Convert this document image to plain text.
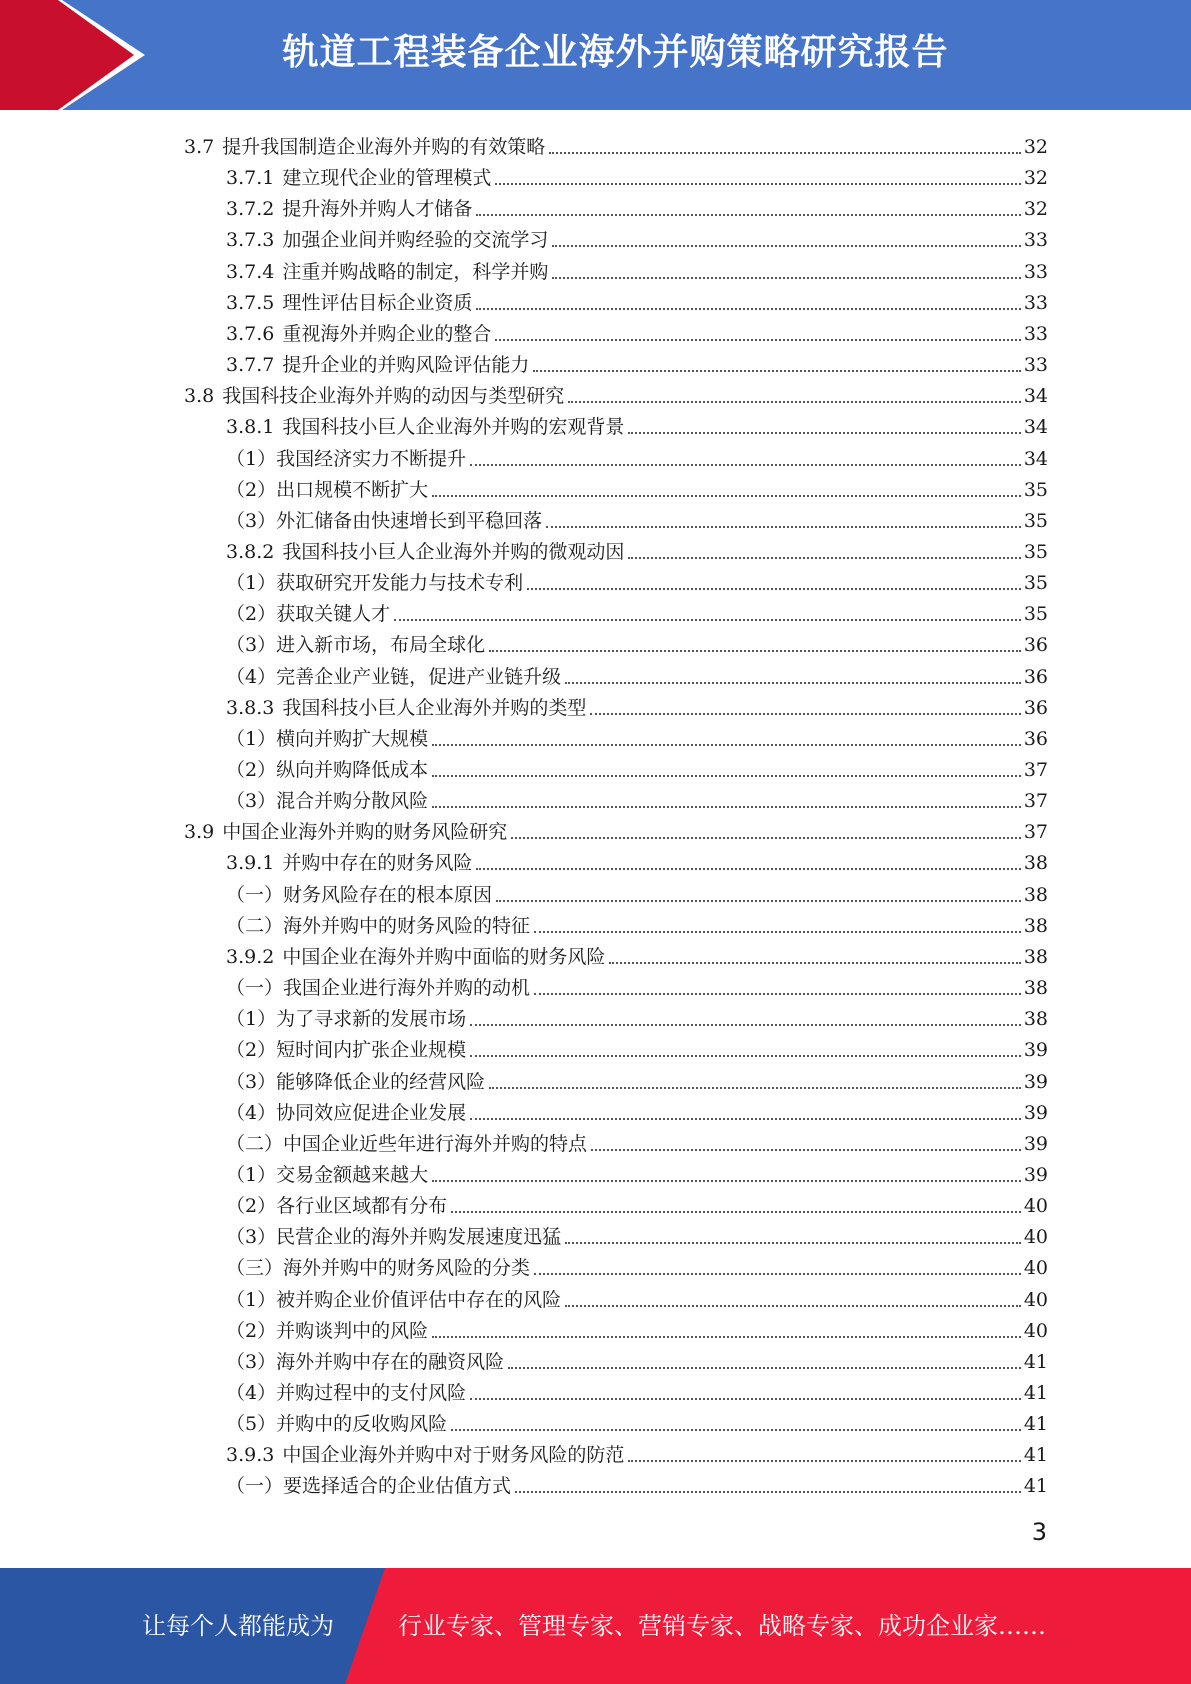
轨道工程装备企业海外并购策略研究报告
3.7 提升我国制造企业海外并购的有效策略	32
3.7.1 建立现代企业的管理模式	32
3.7.2 提升海外并购人才储备	32
3.7.3 加强企业间并购经验的交流学习	33
3.7.4 注重并购战略的制定，科学并购	33
3.7.5 理性评估目标企业资质	33
3.7.6 重视海外并购企业的整合	33
3.7.7 提升企业的并购风险评估能力	33
3.8 我国科技企业海外并购的动因与类型研究	34
3.8.1 我国科技小巨人企业海外并购的宏观背景	34
（1）我国经济实力不断提升	34
（2）出口规模不断扩大	35
（3）外汇储备由快速增长到平稳回落	35
3.8.2 我国科技小巨人企业海外并购的微观动因	35
（1）获取研究开发能力与技术专利	35
（2）获取关键人才	35
（3）进入新市场，布局全球化	36
（4）完善企业产业链，促进产业链升级	36
3.8.3 我国科技小巨人企业海外并购的类型	36
（1）横向并购扩大规模	36
（2）纵向并购降低成本	37
（3）混合并购分散风险	37
3.9 中国企业海外并购的财务风险研究	37
3.9.1 并购中存在的财务风险	38
（一）财务风险存在的根本原因	38
（二）海外并购中的财务风险的特征	38
3.9.2 中国企业在海外并购中面临的财务风险	38
（一）我国企业进行海外并购的动机	38
（1）为了寻求新的发展市场	38
（2）短时间内扩张企业规模	39
（3）能够降低企业的经营风险	39
（4）协同效应促进企业发展	39
（二）中国企业近些年进行海外并购的特点	39
（1）交易金额越来越大	39
（2）各行业区域都有分布	40
（3）民营企业的海外并购发展速度迅猛	40
（三）海外并购中的财务风险的分类	40
（1）被并购企业价值评估中存在的风险	40
（2）并购谈判中的风险	40
（3）海外并购中存在的融资风险	41
（4）并购过程中的支付风险	41
（5）并购中的反收购风险	41
3.9.3 中国企业海外并购中对于财务风险的防范	41
（一）要选择适合的企业估值方式	41
3
让每个人都能成为	行业专家、管理专家、营销专家、战略专家、成功企业家……
